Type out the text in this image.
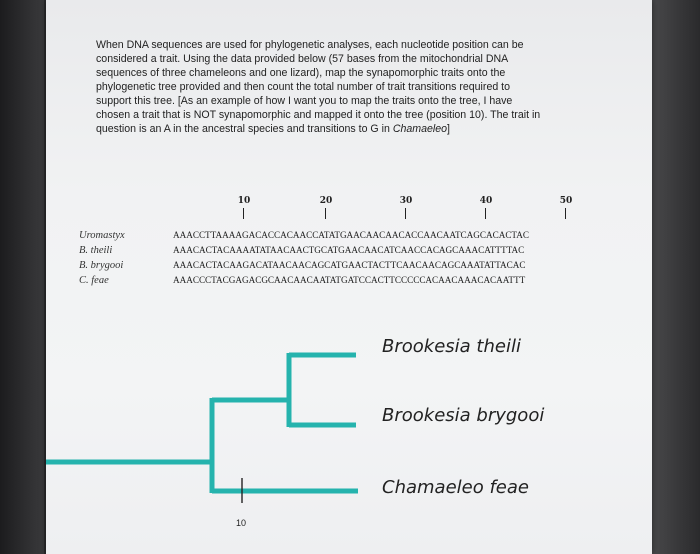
When DNA sequences are used for phylogenetic analyses, each nucleotide position can be
considered a trait. Using the data provided below (57 bases from the mitochondrial DNA
sequences of three chameleons and one lizard), map the synapomorphic traits onto the
phylogenetic tree provided and then count the total number of trait transitions required to
support this tree. [As an example of how I want you to map the traits onto the tree, I have
chosen a trait that is NOT synapomorphic and mapped it onto the tree (position 10). The trait in
question is an A in the ancestral species and transitions to G in Chamaeleo]

10	20	30	40	50
Uromastyx	AAACCTTAAAAGACACCACAACCATATGAACAACAACACCAACAATCAGCACACTAC
B. theili	AAACACTACAAAATATAACAACTGCATGAACAACATCAACCACAGCAAACATTTTAC
B. brygooi	AAACACTACAAGACATAACAACAGCATGAACTACTTCAACAACAGCAAATATTACAC
C. feae	AAACCCTACGAGACGCAACAACAATATGATCCACTTCCCCCACAACAAACACAATTT
Brookesia theili
Brookesia brygooi
Chamaeleo feae
10
